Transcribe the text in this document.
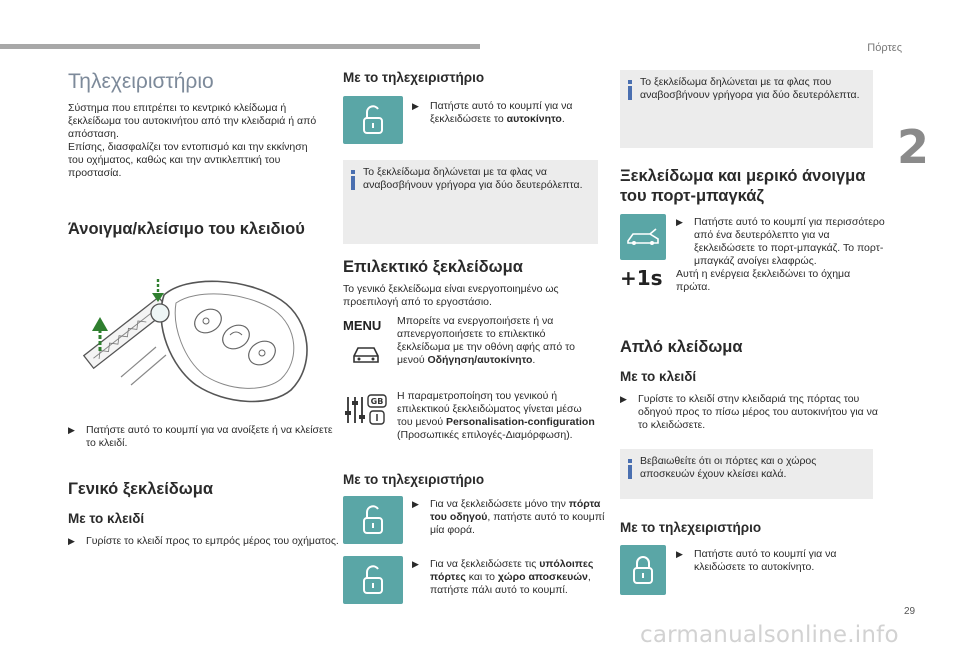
Πόρτες
2
29
carmanualsonline.info
Τηλεχειριστήριο
Σύστημα που επιτρέπει το κεντρικό κλείδωμα ή ξεκλείδωμα του αυτοκινήτου από την κλειδαριά ή από απόσταση.
Επίσης, διασφαλίζει τον εντοπισμό και την εκκίνηση του οχήματος, καθώς και την αντικλεπτική του προστασία.
Άνοιγμα/κλείσιμο του κλειδιού
▶ Πατήστε αυτό το κουμπί για να ανοίξετε ή να κλείσετε το κλειδί.
Γενικό ξεκλείδωμα
Με το κλειδί
▶ Γυρίστε το κλειδί προς το εμπρός μέρος του οχήματος.
Με το τηλεχειριστήριο
▶ Πατήστε αυτό το κουμπί για να ξεκλειδώσετε το αυτοκίνητο.
Το ξεκλείδωμα δηλώνεται με τα φλας να αναβοσβήνουν γρήγορα για δύο δευτερόλεπτα.
Επιλεκτικό ξεκλείδωμα
Το γενικό ξεκλείδωμα είναι ενεργοποιημένο ως προεπιλογή από το εργοστάσιο.
MENU	Μπορείτε να ενεργοποιήσετε ή να απενεργοποιήσετε το επιλεκτικό ξεκλείδωμα με την οθόνη αφής από το μενού Οδήγηση/αυτοκίνητο.
GB Η παραμετροποίηση του γενικού ή επιλεκτικού ξεκλειδώματος γίνεται μέσω του μενού Personalisation-configuration (Προσωπικές επιλογές-Διαμόρφωση).
Με το τηλεχειριστήριο
▶ Για να ξεκλειδώσετε μόνο την πόρτα του οδηγού, πατήστε αυτό το κουμπί μία φορά.
▶ Για να ξεκλειδώσετε τις υπόλοιπες πόρτες και το χώρο αποσκευών, πατήστε πάλι αυτό το κουμπί.
Το ξεκλείδωμα δηλώνεται με τα φλας που αναβοσβήνουν γρήγορα για δύο δευτερόλεπτα.
Ξεκλείδωμα και μερικό άνοιγμα του πορτ-μπαγκάζ
+1s
▶ Πατήστε αυτό το κουμπί για περισσότερο από ένα δευτερόλεπτο για να ξεκλειδώσετε το πορτ-μπαγκάζ. Το πορτ-μπαγκάζ ανοίγει ελαφρώς.
Αυτή η ενέργεια ξεκλειδώνει το όχημα πρώτα.
Απλό κλείδωμα
Με το κλειδί
▶ Γυρίστε το κλειδί στην κλειδαριά της πόρτας του οδηγού προς το πίσω μέρος του αυτοκινήτου για να το κλειδώσετε.
Βεβαιωθείτε ότι οι πόρτες και ο χώρος αποσκευών έχουν κλείσει καλά.
Με το τηλεχειριστήριο
▶ Πατήστε αυτό το κουμπί για να κλειδώσετε το αυτοκίνητο.
